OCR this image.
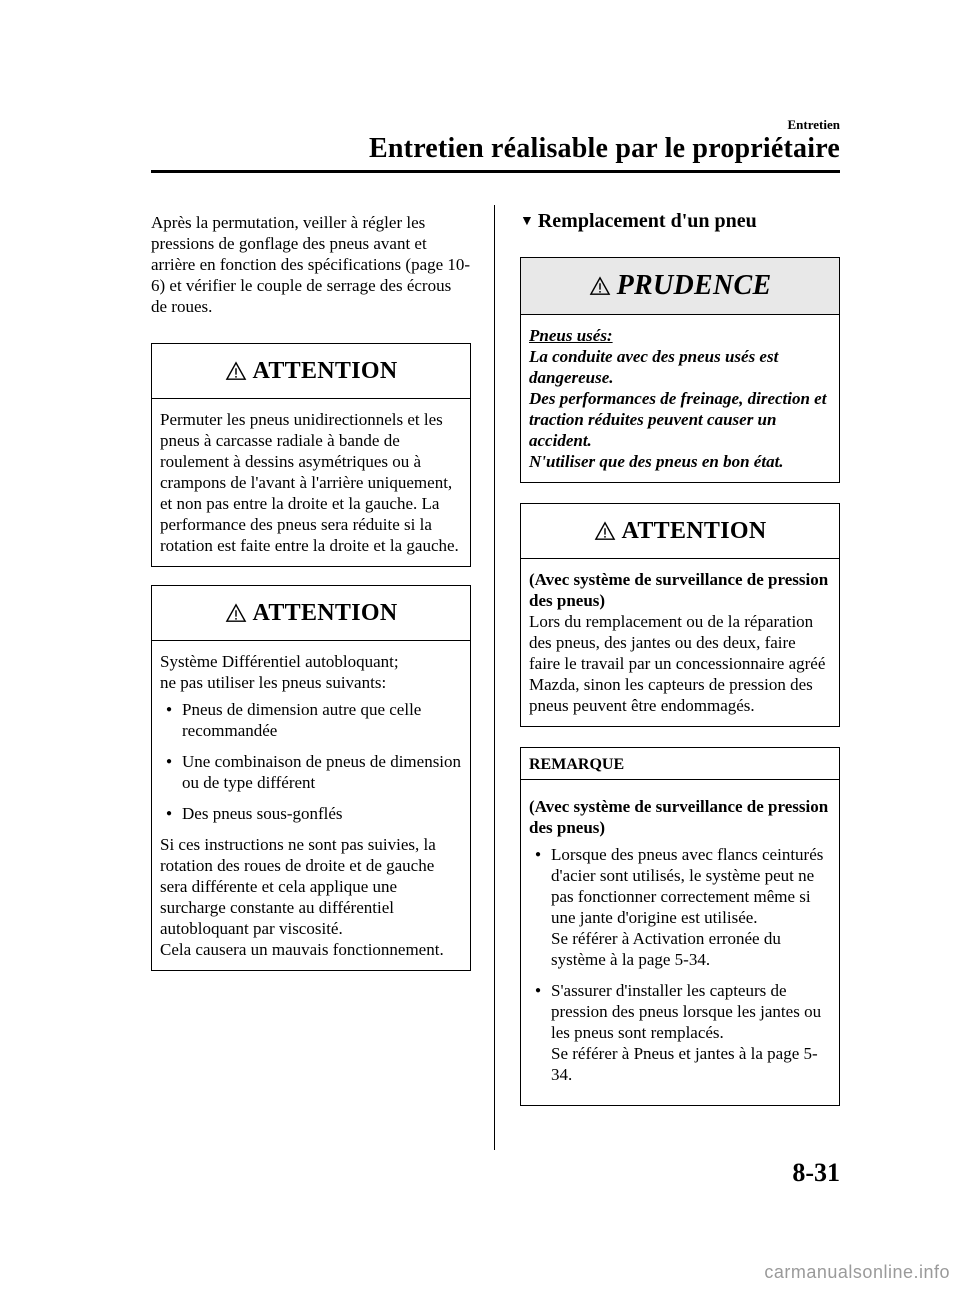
Entretien
Entretien réalisable par le propriétaire

Après la permutation, veiller à régler les pressions de gonflage des pneus avant et arrière en fonction des spécifications (page 10-6) et vérifier le couple de serrage des écrous de roues.

ATTENTION

Permuter les pneus unidirectionnels et les pneus à carcasse radiale à bande de roulement à dessins asymétriques ou à crampons de l'avant à l'arrière uniquement, et non pas entre la droite et la gauche. La performance des pneus sera réduite si la rotation est faite entre la droite et la gauche.

ATTENTION

Système Différentiel autobloquant;

ne pas utiliser les pneus suivants:

● Pneus de dimension autre que celle recommandée
● Une combinaison de pneus de dimension ou de type différent
● Des pneus sous-gonflés

Si ces instructions ne sont pas suivies, la rotation des roues de droite et de gauche sera différente et cela applique une surcharge constante au différentiel autobloquant par viscosité.

Cela causera un mauvais fonctionnement.

▼ Remplacement d'un pneu

PRUDENCE

Pneus usés:

La conduite avec des pneus usés est dangereuse.

Des performances de freinage, direction et traction réduites peuvent causer un accident.

N'utiliser que des pneus en bon état.

ATTENTION

(Avec système de surveillance de pression des pneus)

Lors du remplacement ou de la réparation des pneus, des jantes ou des deux, faire faire le travail par un concessionnaire agréé Mazda, sinon les capteurs de pression des pneus peuvent être endommagés.

REMARQUE

(Avec système de surveillance de pression des pneus)

● Lorsque des pneus avec flancs ceinturés d'acier sont utilisés, le système peut ne pas fonctionner correctement même si une jante d'origine est utilisée.
Se référer à Activation erronée du système à la page 5-34.
● S'assurer d'installer les capteurs de pression des pneus lorsque les jantes ou les pneus sont remplacés.
Se référer à Pneus et jantes à la page 5-34.
8-31
carmanualsonline.info
